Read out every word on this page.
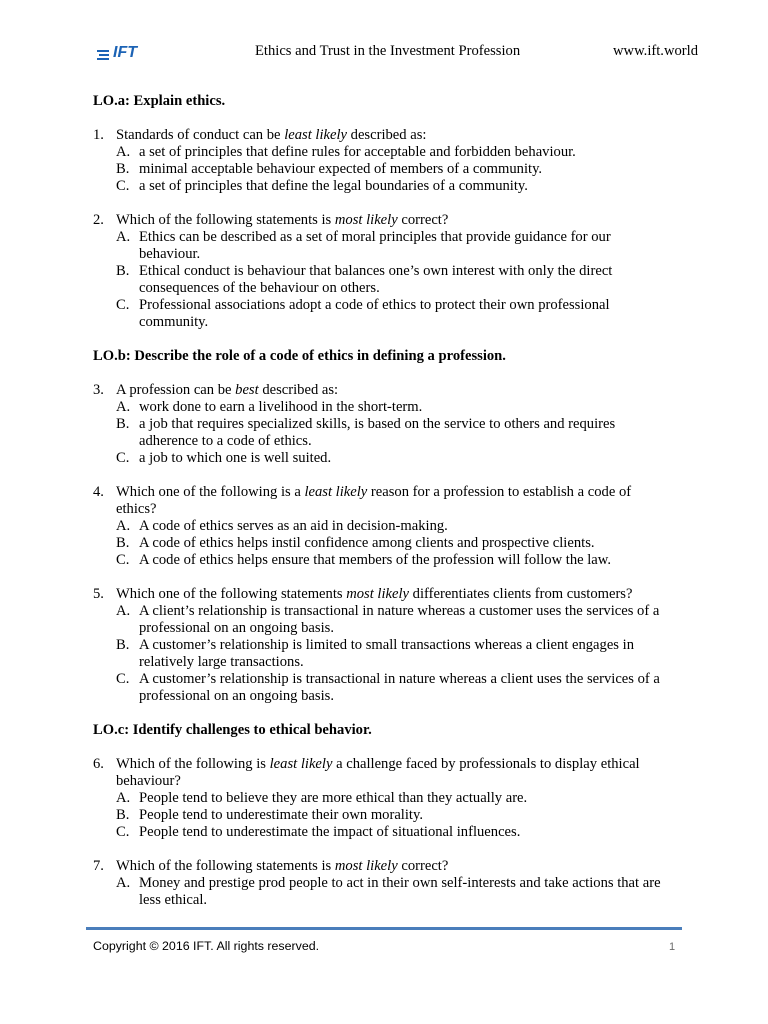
IFT	Ethics and Trust in the Investment Profession	www.ift.world
LO.a: Explain ethics.
1. Standards of conduct can be least likely described as:
A. a set of principles that define rules for acceptable and forbidden behaviour.
B. minimal acceptable behaviour expected of members of a community.
C. a set of principles that define the legal boundaries of a community.
2. Which of the following statements is most likely correct?
A. Ethics can be described as a set of moral principles that provide guidance for our behaviour.
B. Ethical conduct is behaviour that balances one’s own interest with only the direct consequences of the behaviour on others.
C. Professional associations adopt a code of ethics to protect their own professional community.
LO.b: Describe the role of a code of ethics in defining a profession.
3. A profession can be best described as:
A. work done to earn a livelihood in the short-term.
B. a job that requires specialized skills, is based on the service to others and requires adherence to a code of ethics.
C. a job to which one is well suited.
4. Which one of the following is a least likely reason for a profession to establish a code of ethics?
A. A code of ethics serves as an aid in decision-making.
B. A code of ethics helps instil confidence among clients and prospective clients.
C. A code of ethics helps ensure that members of the profession will follow the law.
5. Which one of the following statements most likely differentiates clients from customers?
A. A client’s relationship is transactional in nature whereas a customer uses the services of a professional on an ongoing basis.
B. A customer’s relationship is limited to small transactions whereas a client engages in relatively large transactions.
C. A customer’s relationship is transactional in nature whereas a client uses the services of a professional on an ongoing basis.
LO.c: Identify challenges to ethical behavior.
6. Which of the following is least likely a challenge faced by professionals to display ethical behaviour?
A. People tend to believe they are more ethical than they actually are.
B. People tend to underestimate their own morality.
C. People tend to underestimate the impact of situational influences.
7. Which of the following statements is most likely correct?
A. Money and prestige prod people to act in their own self-interests and take actions that are less ethical.
Copyright © 2016 IFT. All rights reserved.	1
